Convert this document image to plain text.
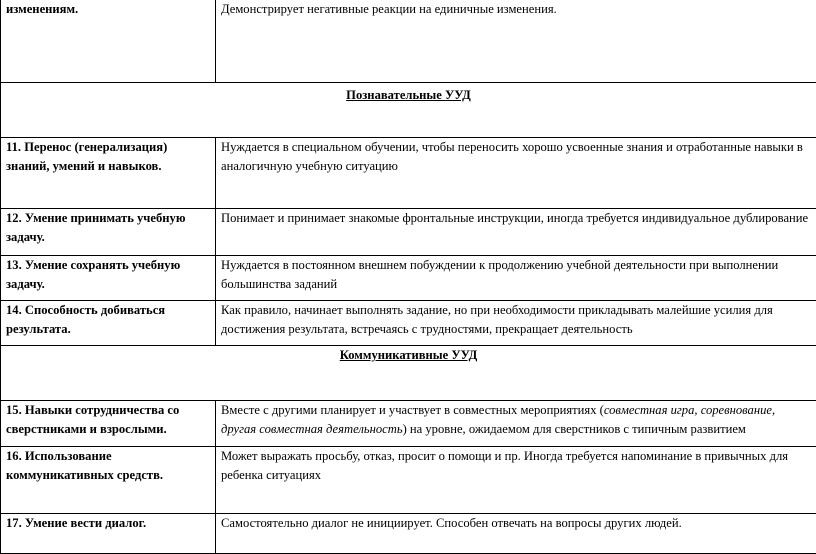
изменениям.	Демонстрирует негативные реакции на единичные изменения.
Познавательные УУД	
11. Перенос (генерализация) знаний, умений и навыков.	Нуждается в специальном обучении, чтобы переносить хорошо усвоенные знания и отработанные навыки в аналогичную учебную ситуацию
12. Умение принимать учебную задачу.	Понимает и принимает знакомые фронтальные инструкции, иногда требуется индивидуальное дублирование
13. Умение сохранять учебную задачу.	Нуждается в постоянном внешнем побуждении к продолжению учебной деятельности при выполнении большинства заданий
14. Способность добиваться результата.	Как правило, начинает выполнять задание, но при необходимости прикладывать малейшие усилия для достижения результата, встречаясь с трудностями, прекращает деятельность
Коммуникативные УУД	
15. Навыки сотрудничества со сверстниками и взрослыми.	Вместе с другими планирует и участвует в совместных мероприятиях (совместная игра, соревнование, другая совместная деятельность) на уровне, ожидаемом для сверстников с типичным развитием
16. Использование коммуникативных средств.	Может выражать просьбу, отказ, просит о помощи и пр. Иногда требуется напоминание в привычных для ребенка ситуациях
17. Умение вести диалог.	Самостоятельно диалог не инициирует. Способен отвечать на вопросы других людей.
